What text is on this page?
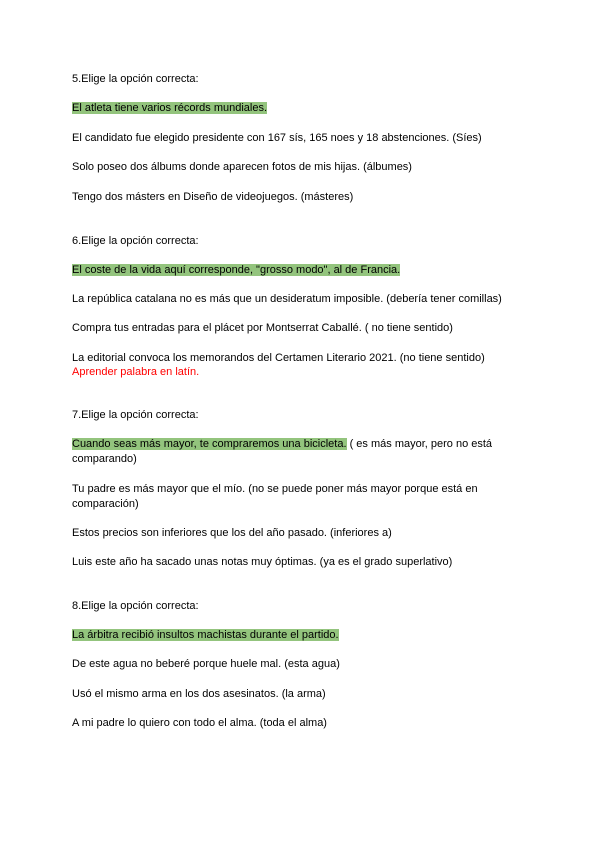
5.Elige la opción correcta:
El atleta tiene varios récords mundiales.
El candidato fue elegido presidente con 167 sís, 165 noes y 18 abstenciones. (Síes)
Solo poseo dos álbums donde aparecen fotos de mis hijas. (álbumes)
Tengo dos másters en Diseño de videojuegos. (másteres)
6.Elige la opción correcta:
El coste de la vida aquí corresponde, "grosso modo", al de Francia.
La república catalana no es más que un desideratum imposible. (debería tener comillas)
Compra tus entradas para el plácet por Montserrat Caballé. ( no tiene sentido)
La editorial convoca los memorandos del Certamen Literario 2021. (no tiene sentido)
Aprender palabra en latín.
7.Elige la opción correcta:
Cuando seas más mayor, te compraremos una bicicleta. ( es más mayor, pero no está comparando)
Tu padre es más mayor que el mío. (no se puede poner más mayor porque está en comparación)
Estos precios son inferiores que los del año pasado. (inferiores a)
Luis este año ha sacado unas notas muy óptimas. (ya es el grado superlativo)
8.Elige la opción correcta:
La árbitra recibió insultos machistas durante el partido.
De este agua no beberé porque huele mal. (esta agua)
Usó el mismo arma en los dos asesinatos. (la arma)
A mi padre lo quiero con todo el alma. (toda el alma)
